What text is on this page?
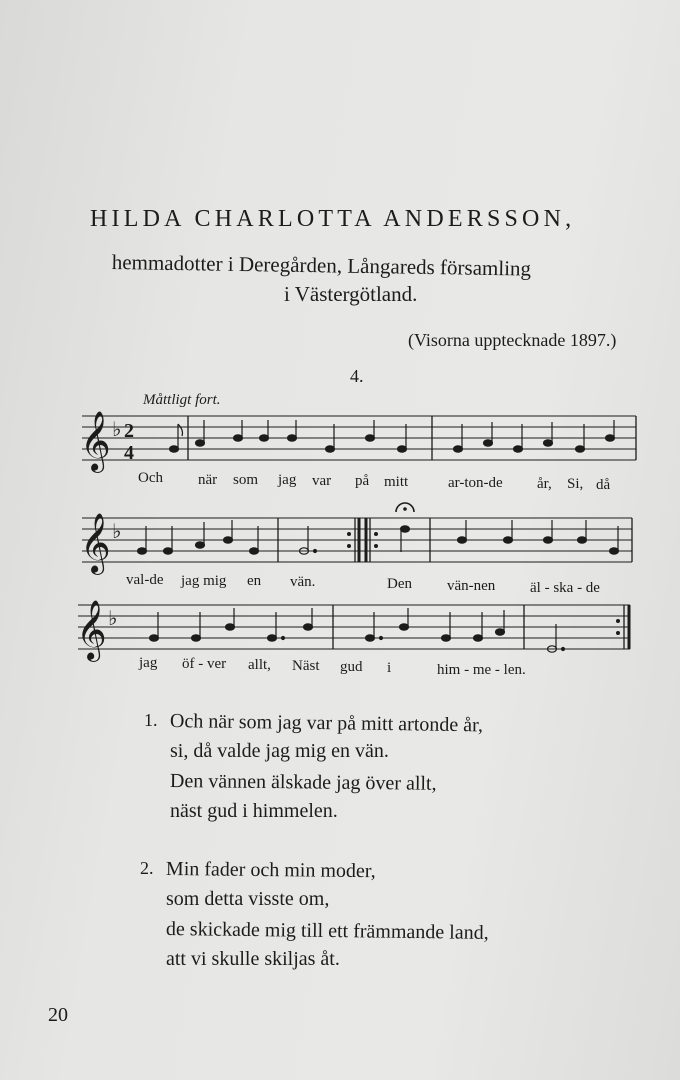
HILDA CHARLOTTA ANDERSSON,
hemmadotter i Deregården, Långareds församling
i Västergötland.
(Visorna upptecknade 1897.)
4.
Måttligt fort.
𝄞
𝄞
𝄞
♭
♭
♭
2
4
Och när som jag var på mitt	ar-ton-de år, Si, då
val-de jag mig en vän.	Den vän-nen äl - ska - de
jag öf - ver allt, Näst gud i	him - me - len.
1. Och när som jag var på mitt artonde år,
si, då valde jag mig en vän.
Den vännen älskade jag över allt,
näst gud i himmelen.
2. Min fader och min moder,
som detta visste om,
de skickade mig till ett främmande land,
att vi skulle skiljas åt.
20
